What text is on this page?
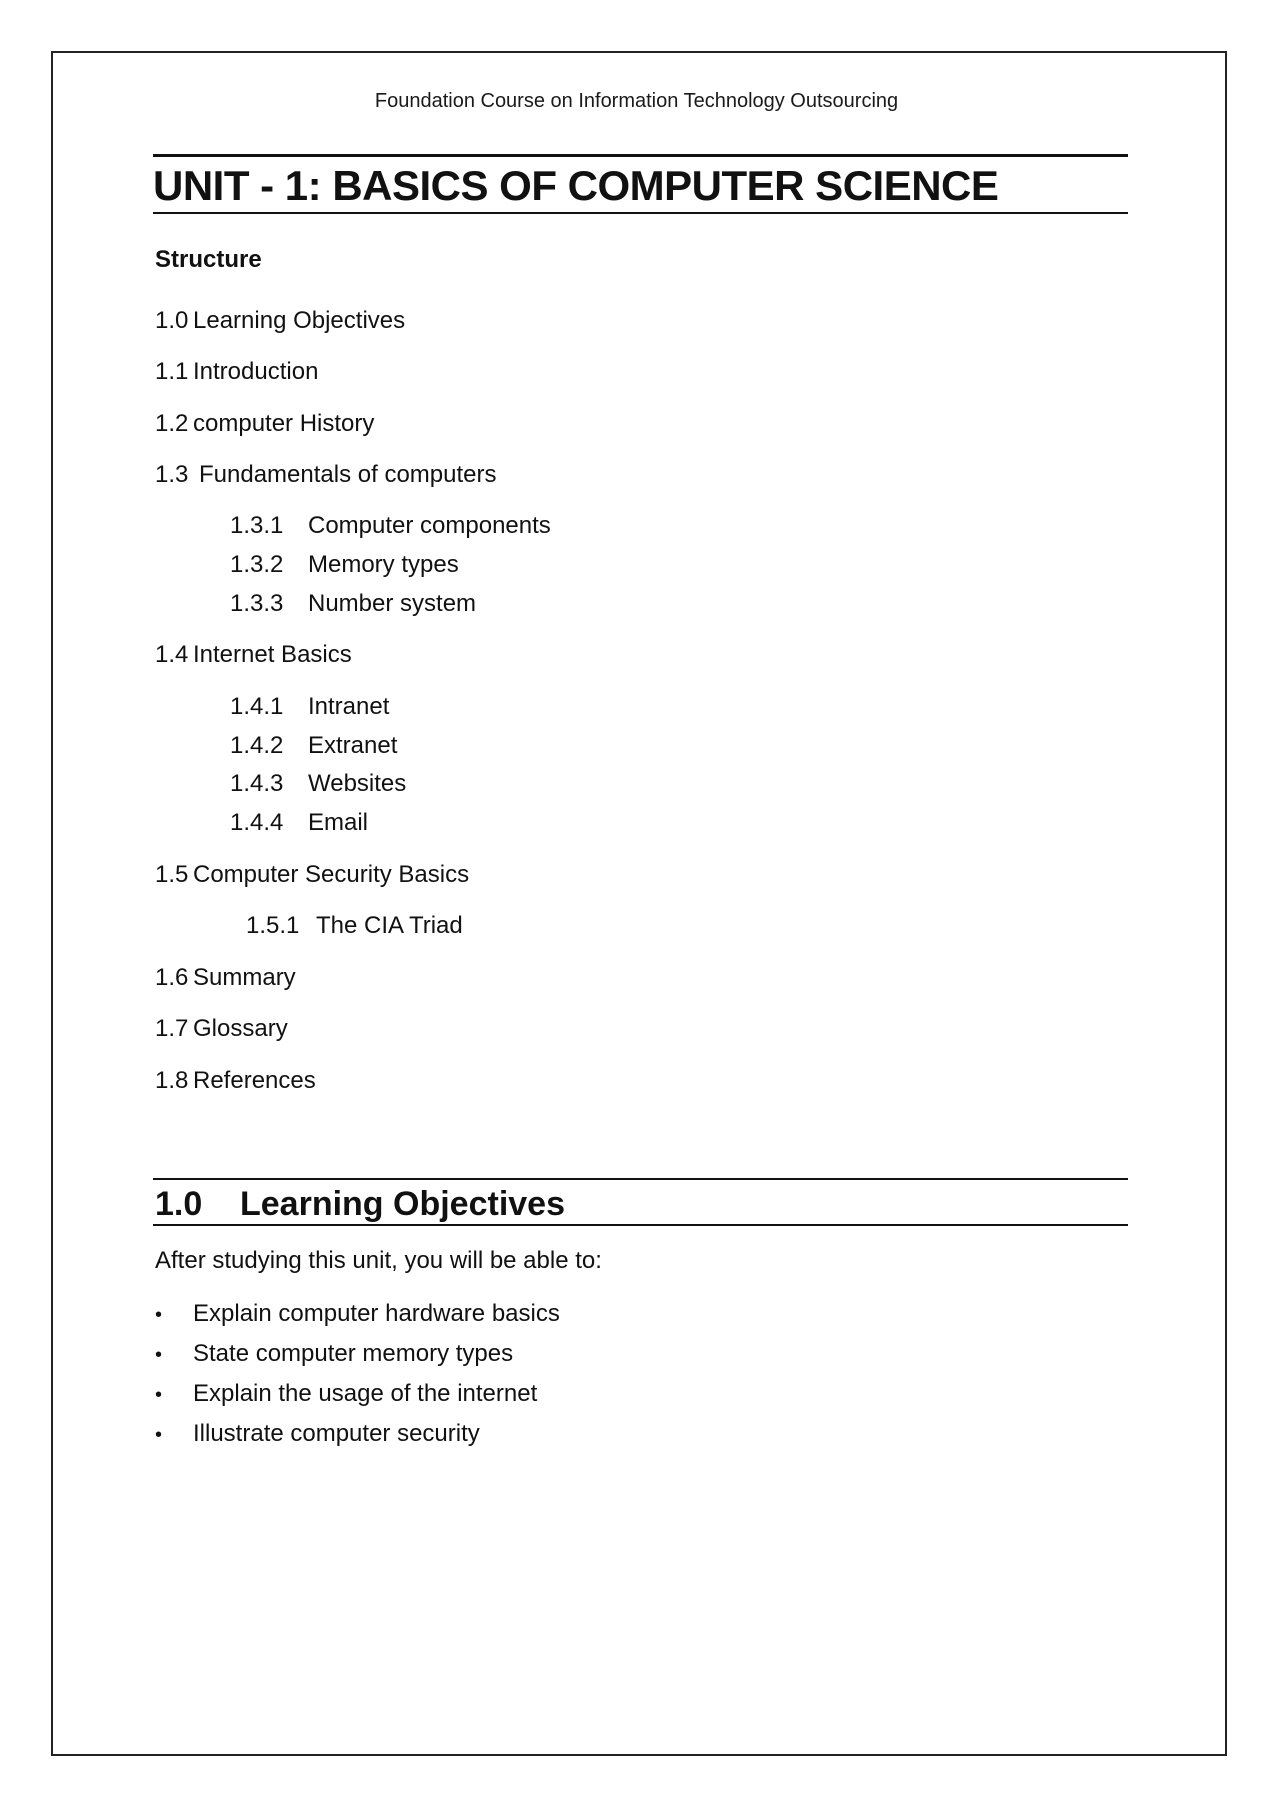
Foundation Course on Information Technology Outsourcing
UNIT - 1: BASICS OF COMPUTER SCIENCE
Structure
1.0 Learning Objectives
1.1 Introduction
1.2 computer History
1.3 Fundamentals of computers
1.3.1 Computer components
1.3.2 Memory types
1.3.3 Number system
1.4 Internet Basics
1.4.1 Intranet
1.4.2 Extranet
1.4.3 Websites
1.4.4 Email
1.5 Computer Security Basics
1.5.1 The CIA Triad
1.6 Summary
1.7 Glossary
1.8 References
1.0 Learning Objectives
After studying this unit, you will be able to:
• Explain computer hardware basics
• State computer memory types
• Explain the usage of the internet
• Illustrate computer security
